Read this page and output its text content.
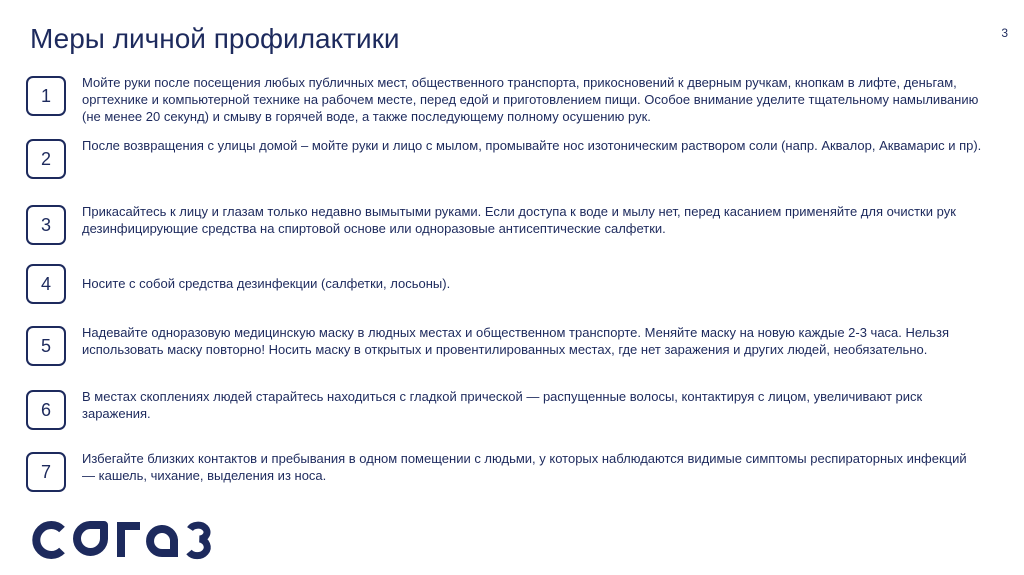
Меры личной профилактики	3
1
Мойте руки после посещения любых публичных мест, общественного транспорта, прикосновений к дверным ручкам, кнопкам в лифте, деньгам, оргтехнике и компьютерной технике на рабочем месте, перед едой и приготовлением пищи. Особое внимание уделите тщательному намыливанию (не менее 20 секунд) и смыву в горячей воде, а также последующему полному осушению рук.
2
После возвращения с улицы домой – мойте руки и лицо с мылом, промывайте нос изотоническим раствором соли (напр. Аквалор, Аквамарис и пр).
3
Прикасайтесь к лицу и глазам только недавно вымытыми руками. Если доступа к воде и мылу нет, перед касанием применяйте для очистки рук дезинфицирующие средства на спиртовой основе или одноразовые антисептические салфетки.
4	Носите с собой средства дезинфекции (салфетки, лосьоны).
5
Надевайте одноразовую медицинскую маску в людных местах и общественном транспорте. Меняйте маску на новую каждые 2-3 часа. Нельзя использовать маску повторно! Носить маску в открытых и провентилированных местах, где нет заражения и других людей, необязательно.
6
В местах скоплениях людей старайтесь находиться с гладкой прической — распущенные волосы, контактируя с лицом, увеличивают риск заражения.
7
Избегайте близких контактов и пребывания в одном помещении с людьми, у которых наблюдаются видимые симптомы респираторных инфекций — кашель, чихание, выделения из носа.
